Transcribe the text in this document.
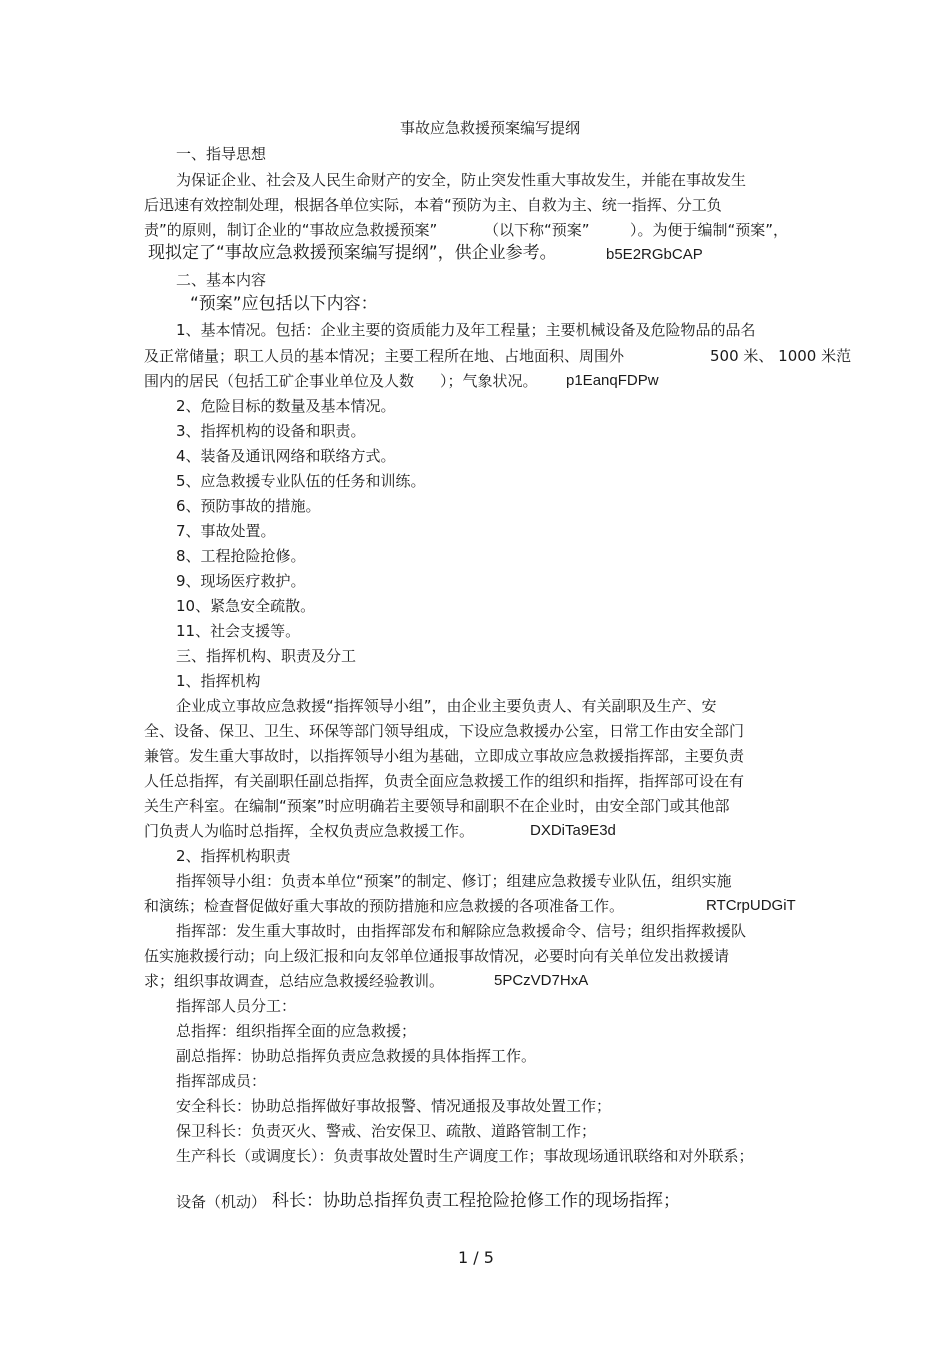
事故应急救援预案编写提纲

一、指导思想

为保证企业、社会及人民生命财产的安全，防止突发性重大事故发生，并能在事故发生

后迅速有效控制处理，根据各单位实际，本着“预防为主、自救为主、统一指挥、分工负

责”的原则，制订企业的“事故应急救援预案”	（以下称“预案”	）。为便于编制“预案”，

现拟定了“事故应急救援预案编写提纲”，供企业参考。	b5E2RGbCAP

二、基本内容

“预案”应包括以下内容：

1、基本情况。包括：企业主要的资质能力及年工程量；主要机械设备及危险物品的品名

及正常储量；职工人员的基本情况；主要工程所在地、占地面积、周围外	500 米、 1000 米范

围内的居民（包括工矿企事业单位及人数 ）；气象状况。 p1EanqFDPw

2、危险目标的数量及基本情况。

3、指挥机构的设备和职责。

4、装备及通讯网络和联络方式。

5、应急救援专业队伍的任务和训练。

6、预防事故的措施。

7、事故处置。

8、工程抢险抢修。

9、现场医疗救护。

10、紧急安全疏散。

11、社会支援等。

三、指挥机构、职责及分工

1、指挥机构

企业成立事故应急救援“指挥领导小组”，由企业主要负责人、有关副职及生产、安

全、设备、保卫、卫生、环保等部门领导组成，下设应急救援办公室，日常工作由安全部门

兼管。发生重大事故时，以指挥领导小组为基础，立即成立事故应急救援指挥部，主要负责

人任总指挥，有关副职任副总指挥，负责全面应急救援工作的组织和指挥，指挥部可设在有

关生产科室。在编制“预案”时应明确若主要领导和副职不在企业时，由安全部门或其他部

门负责人为临时总指挥，全权负责应急救援工作。	DXDiTa9E3d

2、指挥机构职责

指挥领导小组：负责本单位“预案”的制定、修订；组建应急救援专业队伍，组织实施

和演练；检查督促做好重大事故的预防措施和应急救援的各项准备工作。	RTCrpUDGiT

指挥部：发生重大事故时，由指挥部发布和解除应急救援命令、信号；组织指挥救援队

伍实施救援行动；向上级汇报和向友邻单位通报事故情况，必要时向有关单位发出救援请

求；组织事故调查，总结应急救援经验教训。	5PCzVD7HxA

指挥部人员分工：

总指挥：组织指挥全面的应急救援；

副总指挥：协助总指挥负责应急救援的具体指挥工作。

指挥部成员：

安全科长：协助总指挥做好事故报警、情况通报及事故处置工作；

保卫科长：负责灭火、警戒、治安保卫、疏散、道路管制工作；

生产科长（或调度长）：负责事故处置时生产调度工作；事故现场通讯联络和对外联系；

设备（机动） 科长：协助总指挥负责工程抢险抢修工作的现场指挥；

1 / 5
